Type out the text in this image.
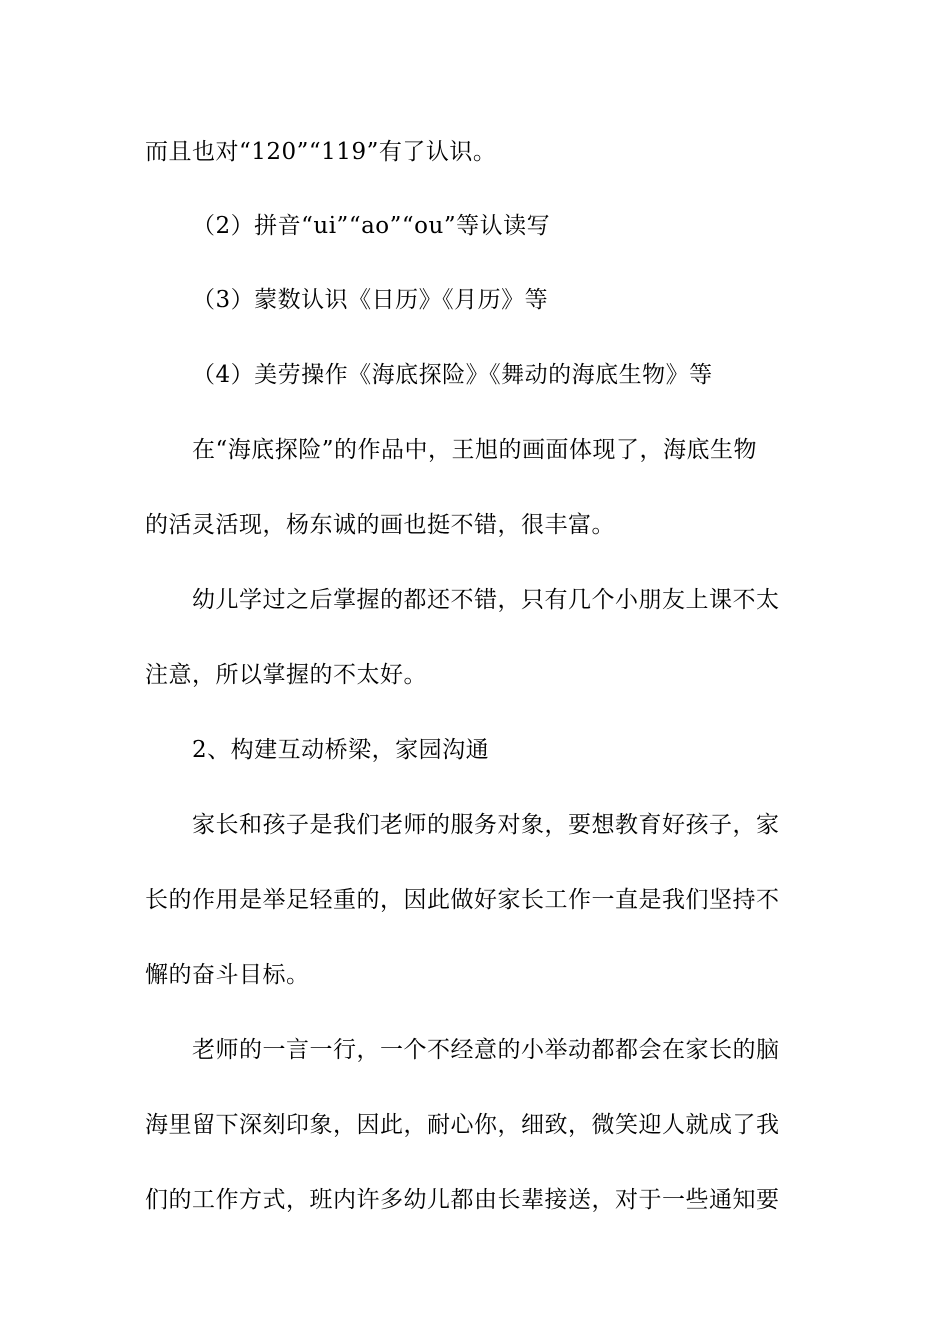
而且也对“120”“119”有了认识。
（2）拼音“ui”“ao”“ou”等认读写
（3）蒙数认识《日历》《月历》等
（4）美劳操作《海底探险》《舞动的海底生物》等
在“海底探险”的作品中，王旭的画面体现了，海底生物
的活灵活现，杨东诚的画也挺不错，很丰富。
幼儿学过之后掌握的都还不错，只有几个小朋友上课不太
注意，所以掌握的不太好。
2、构建互动桥梁，家园沟通
家长和孩子是我们老师的服务对象，要想教育好孩子，家
长的作用是举足轻重的，因此做好家长工作一直是我们坚持不
懈的奋斗目标。
老师的一言一行，一个不经意的小举动都都会在家长的脑
海里留下深刻印象，因此，耐心你，细致，微笑迎人就成了我
们的工作方式，班内许多幼儿都由长辈接送，对于一些通知要
